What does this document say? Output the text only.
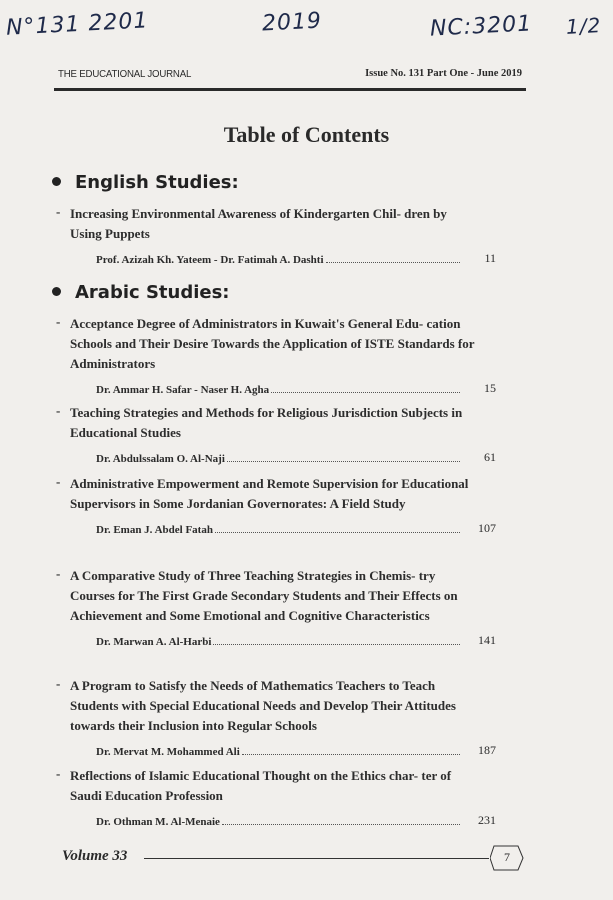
N°131 2201	2019	NC:3201 1/2
THE EDUCATIONAL JOURNAL	Issue No. 131 Part One - June 2019
Table of Contents
English Studies:
- Increasing Environmental Awareness of Kindergarten Chil- dren by Using Puppets
Prof. Azizah Kh. Yateem - Dr. Fatimah A. Dashti	11
Arabic Studies:
- Acceptance Degree of Administrators in Kuwait's General Edu- cation Schools and Their Desire Towards the Application of ISTE Standards for Administrators
Dr. Ammar H. Safar - Naser H. Agha	15
- Teaching Strategies and Methods for Religious Jurisdiction Subjects in Educational Studies
Dr. Abdulssalam O. Al-Naji	61
- Administrative Empowerment and Remote Supervision for Educational Supervisors in Some Jordanian Governorates: A Field Study
Dr. Eman J. Abdel Fatah	107
- A Comparative Study of Three Teaching Strategies in Chemis- try Courses for The First Grade Secondary Students and Their Effects on Achievement and Some Emotional and Cognitive Characteristics
Dr. Marwan A. Al-Harbi	141
- A Program to Satisfy the Needs of Mathematics Teachers to Teach Students with Special Educational Needs and Develop Their Attitudes towards their Inclusion into Regular Schools
Dr. Mervat M. Mohammed Ali	187
- Reflections of Islamic Educational Thought on the Ethics char- ter of Saudi Education Profession
Dr. Othman M. Al-Menaie	231
Volume 33	7
